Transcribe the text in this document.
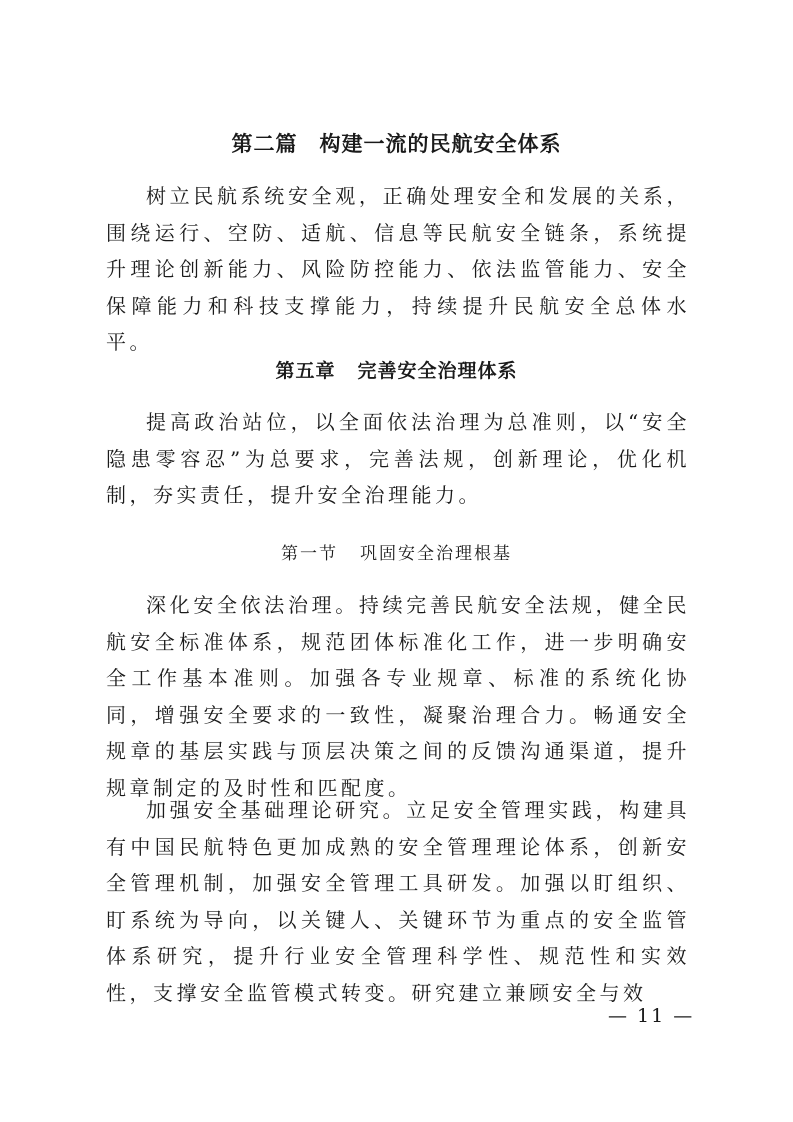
第二篇 构建一流的民航安全体系

树立民航系统安全观，正确处理安全和发展的关系，围绕运行、空防、适航、信息等民航安全链条，系统提升理论创新能力、风险防控能力、依法监管能力、安全保障能力和科技支撑能力，持续提升民航安全总体水平。

第五章 完善安全治理体系

提高政治站位，以全面依法治理为总准则，以“安全隐患零容忍”为总要求，完善法规，创新理论，优化机制，夯实责任，提升安全治理能力。

第一节 巩固安全治理根基

深化安全依法治理。持续完善民航安全法规，健全民航安全标准体系，规范团体标准化工作，进一步明确安全工作基本准则。加强各专业规章、标准的系统化协同，增强安全要求的一致性，凝聚治理合力。畅通安全规章的基层实践与顶层决策之间的反馈沟通渠道，提升规章制定的及时性和匹配度。

加强安全基础理论研究。立足安全管理实践，构建具有中国民航特色更加成熟的安全管理理论体系，创新安全管理机制，加强安全管理工具研发。加强以盯组织、盯系统为导向，以关键人、关键环节为重点的安全监管体系研究，提升行业安全管理科学性、规范性和实效性，支撑安全监管模式转变。研究建立兼顾安全与效

— 11 —
